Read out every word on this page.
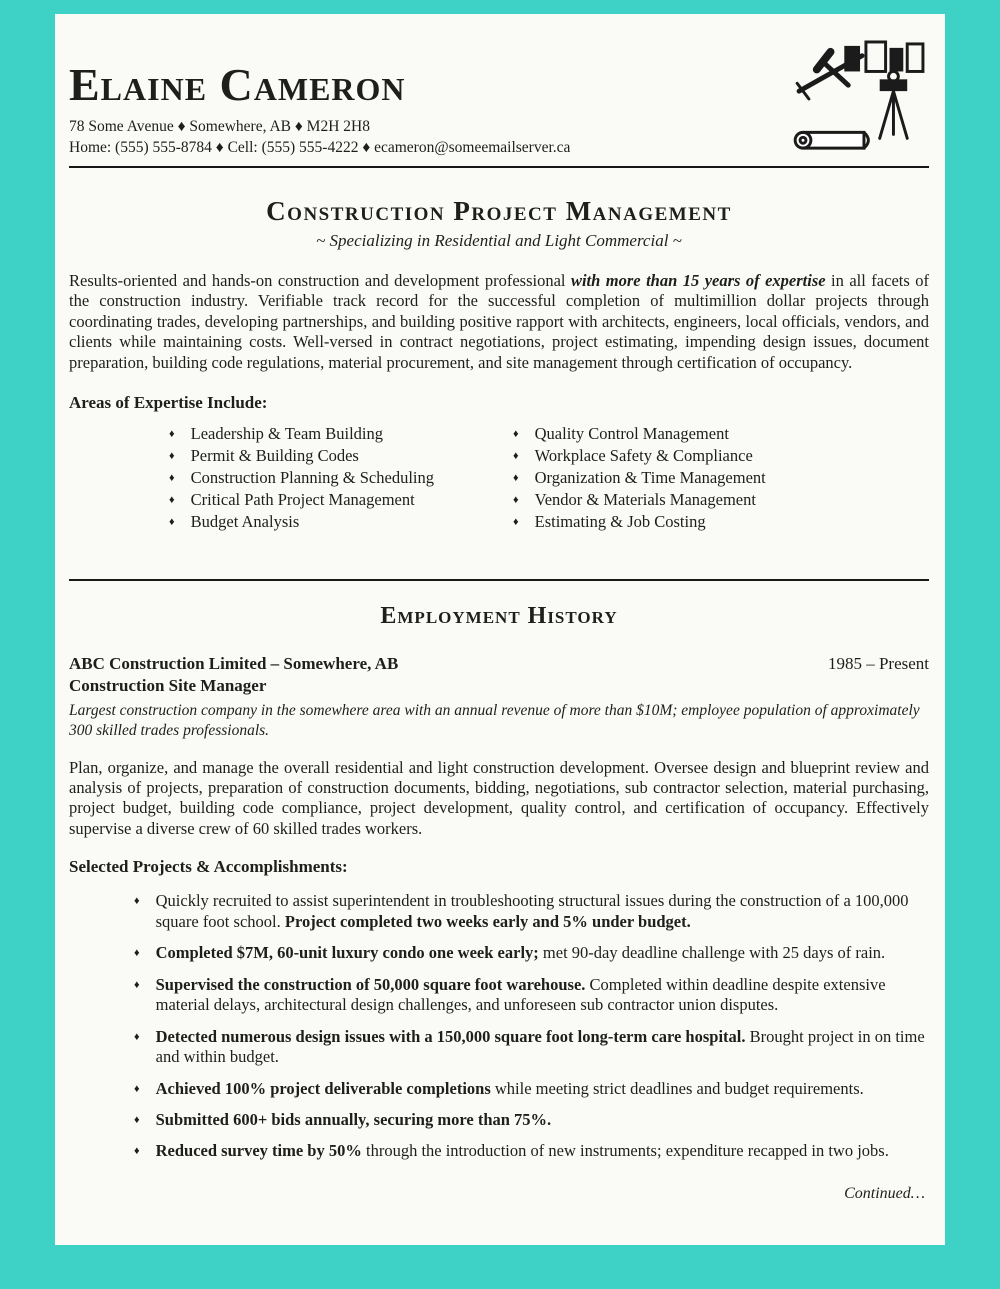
Elaine Cameron
78 Some Avenue ♦ Somewhere, AB ♦ M2H 2H8
Home: (555) 555-8784 ♦ Cell: (555) 555-4222 ♦ ecameron@someemailserver.ca
Construction Project Management
~ Specializing in Residential and Light Commercial ~

Results-oriented and hands-on construction and development professional with more than 15 years of expertise in all facets of the construction industry. Verifiable track record for the successful completion of multimillion dollar projects through coordinating trades, developing partnerships, and building positive rapport with architects, engineers, local officials, vendors, and clients while maintaining costs. Well-versed in contract negotiations, project estimating, impending design issues, document preparation, building code regulations, material procurement, and site management through certification of occupancy.

Areas of Expertise Include:
♦ Leadership & Team Building
♦ Permit & Building Codes
♦ Construction Planning & Scheduling
♦ Critical Path Project Management
♦ Budget Analysis
♦ Quality Control Management
♦ Workplace Safety & Compliance
♦ Organization & Time Management
♦ Vendor & Materials Management
♦ Estimating & Job Costing
Employment History
ABC Construction Limited – Somewhere, AB	1985 – Present
Construction Site Manager
Largest construction company in the somewhere area with an annual revenue of more than $10M; employee population of approximately 300 skilled trades professionals.

Plan, organize, and manage the overall residential and light construction development. Oversee design and blueprint review and analysis of projects, preparation of construction documents, bidding, negotiations, sub contractor selection, material purchasing, project budget, building code compliance, project development, quality control, and certification of occupancy. Effectively supervise a diverse crew of 60 skilled trades workers.

Selected Projects & Accomplishments:
♦ Quickly recruited to assist superintendent in troubleshooting structural issues during the construction of a 100,000 square foot school. Project completed two weeks early and 5% under budget.
♦ Completed $7M, 60-unit luxury condo one week early; met 90-day deadline challenge with 25 days of rain.
♦ Supervised the construction of 50,000 square foot warehouse. Completed within deadline despite extensive material delays, architectural design challenges, and unforeseen sub contractor union disputes.
♦ Detected numerous design issues with a 150,000 square foot long-term care hospital. Brought project in on time and within budget.
♦ Achieved 100% project deliverable completions while meeting strict deadlines and budget requirements.
♦ Submitted 600+ bids annually, securing more than 75%.
♦ Reduced survey time by 50% through the introduction of new instruments; expenditure recapped in two jobs.
Continued…
